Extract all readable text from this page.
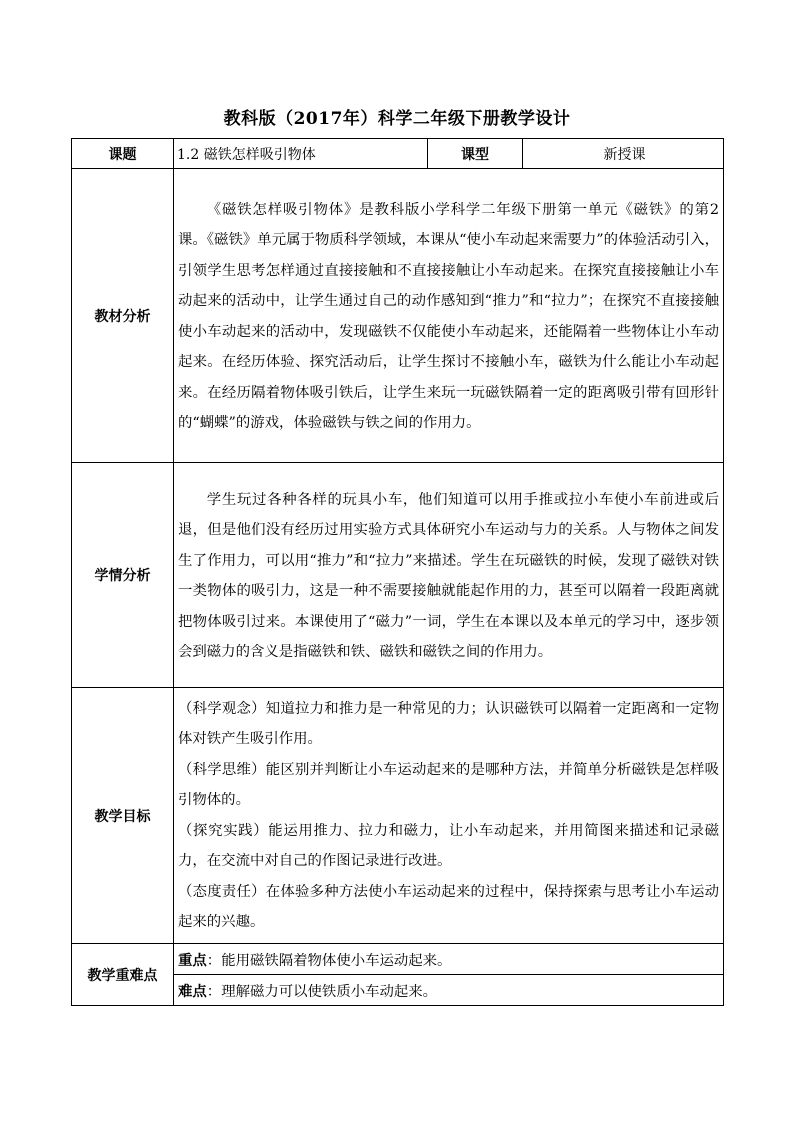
教科版（2017年）科学二年级下册教学设计
课题	1.2 磁铁怎样吸引物体	课型	新授课
教材分析	《磁铁怎样吸引物体》是教科版小学科学二年级下册第一单元《磁铁》的第2课。《磁铁》单元属于物质科学领域，本课从“使小车动起来需要力”的体验活动引入，引领学生思考怎样通过直接接触和不直接接触让小车动起来。在探究直接接触让小车动起来的活动中，让学生通过自己的动作感知到“推力”和“拉力”；在探究不直接接触使小车动起来的活动中，发现磁铁不仅能使小车动起来，还能隔着一些物体让小车动起来。在经历体验、探究活动后，让学生探讨不接触小车，磁铁为什么能让小车动起来。在经历隔着物体吸引铁后，让学生来玩一玩磁铁隔着一定的距离吸引带有回形针的“蝴蝶”的游戏，体验磁铁与铁之间的作用力。		
学情分析	学生玩过各种各样的玩具小车，他们知道可以用手推或拉小车使小车前进或后退，但是他们没有经历过用实验方式具体研究小车运动与力的关系。人与物体之间发生了作用力，可以用“推力”和“拉力”来描述。学生在玩磁铁的时候，发现了磁铁对铁一类物体的吸引力，这是一种不需要接触就能起作用的力，甚至可以隔着一段距离就把物体吸引过来。本课使用了“磁力”一词，学生在本课以及本单元的学习中，逐步领会到磁力的含义是指磁铁和铁、磁铁和磁铁之间的作用力。		
教学目标	（科学观念）知道拉力和推力是一种常见的力；认识磁铁可以隔着一定距离和一定物体对铁产生吸引作用。

（科学思维）能区别并判断让小车运动起来的是哪种方法，并简单分析磁铁是怎样吸引物体的。

（探究实践）能运用推力、拉力和磁力，让小车动起来，并用简图来描述和记录磁力，在交流中对自己的作图记录进行改进。

（态度责任）在体验多种方法使小车运动起来的过程中，保持探索与思考让小车运动起来的兴趣。		

教学重难点	重点：能用磁铁隔着物体使小车运动起来。		
	难点：理解磁力可以使铁质小车动起来。		
